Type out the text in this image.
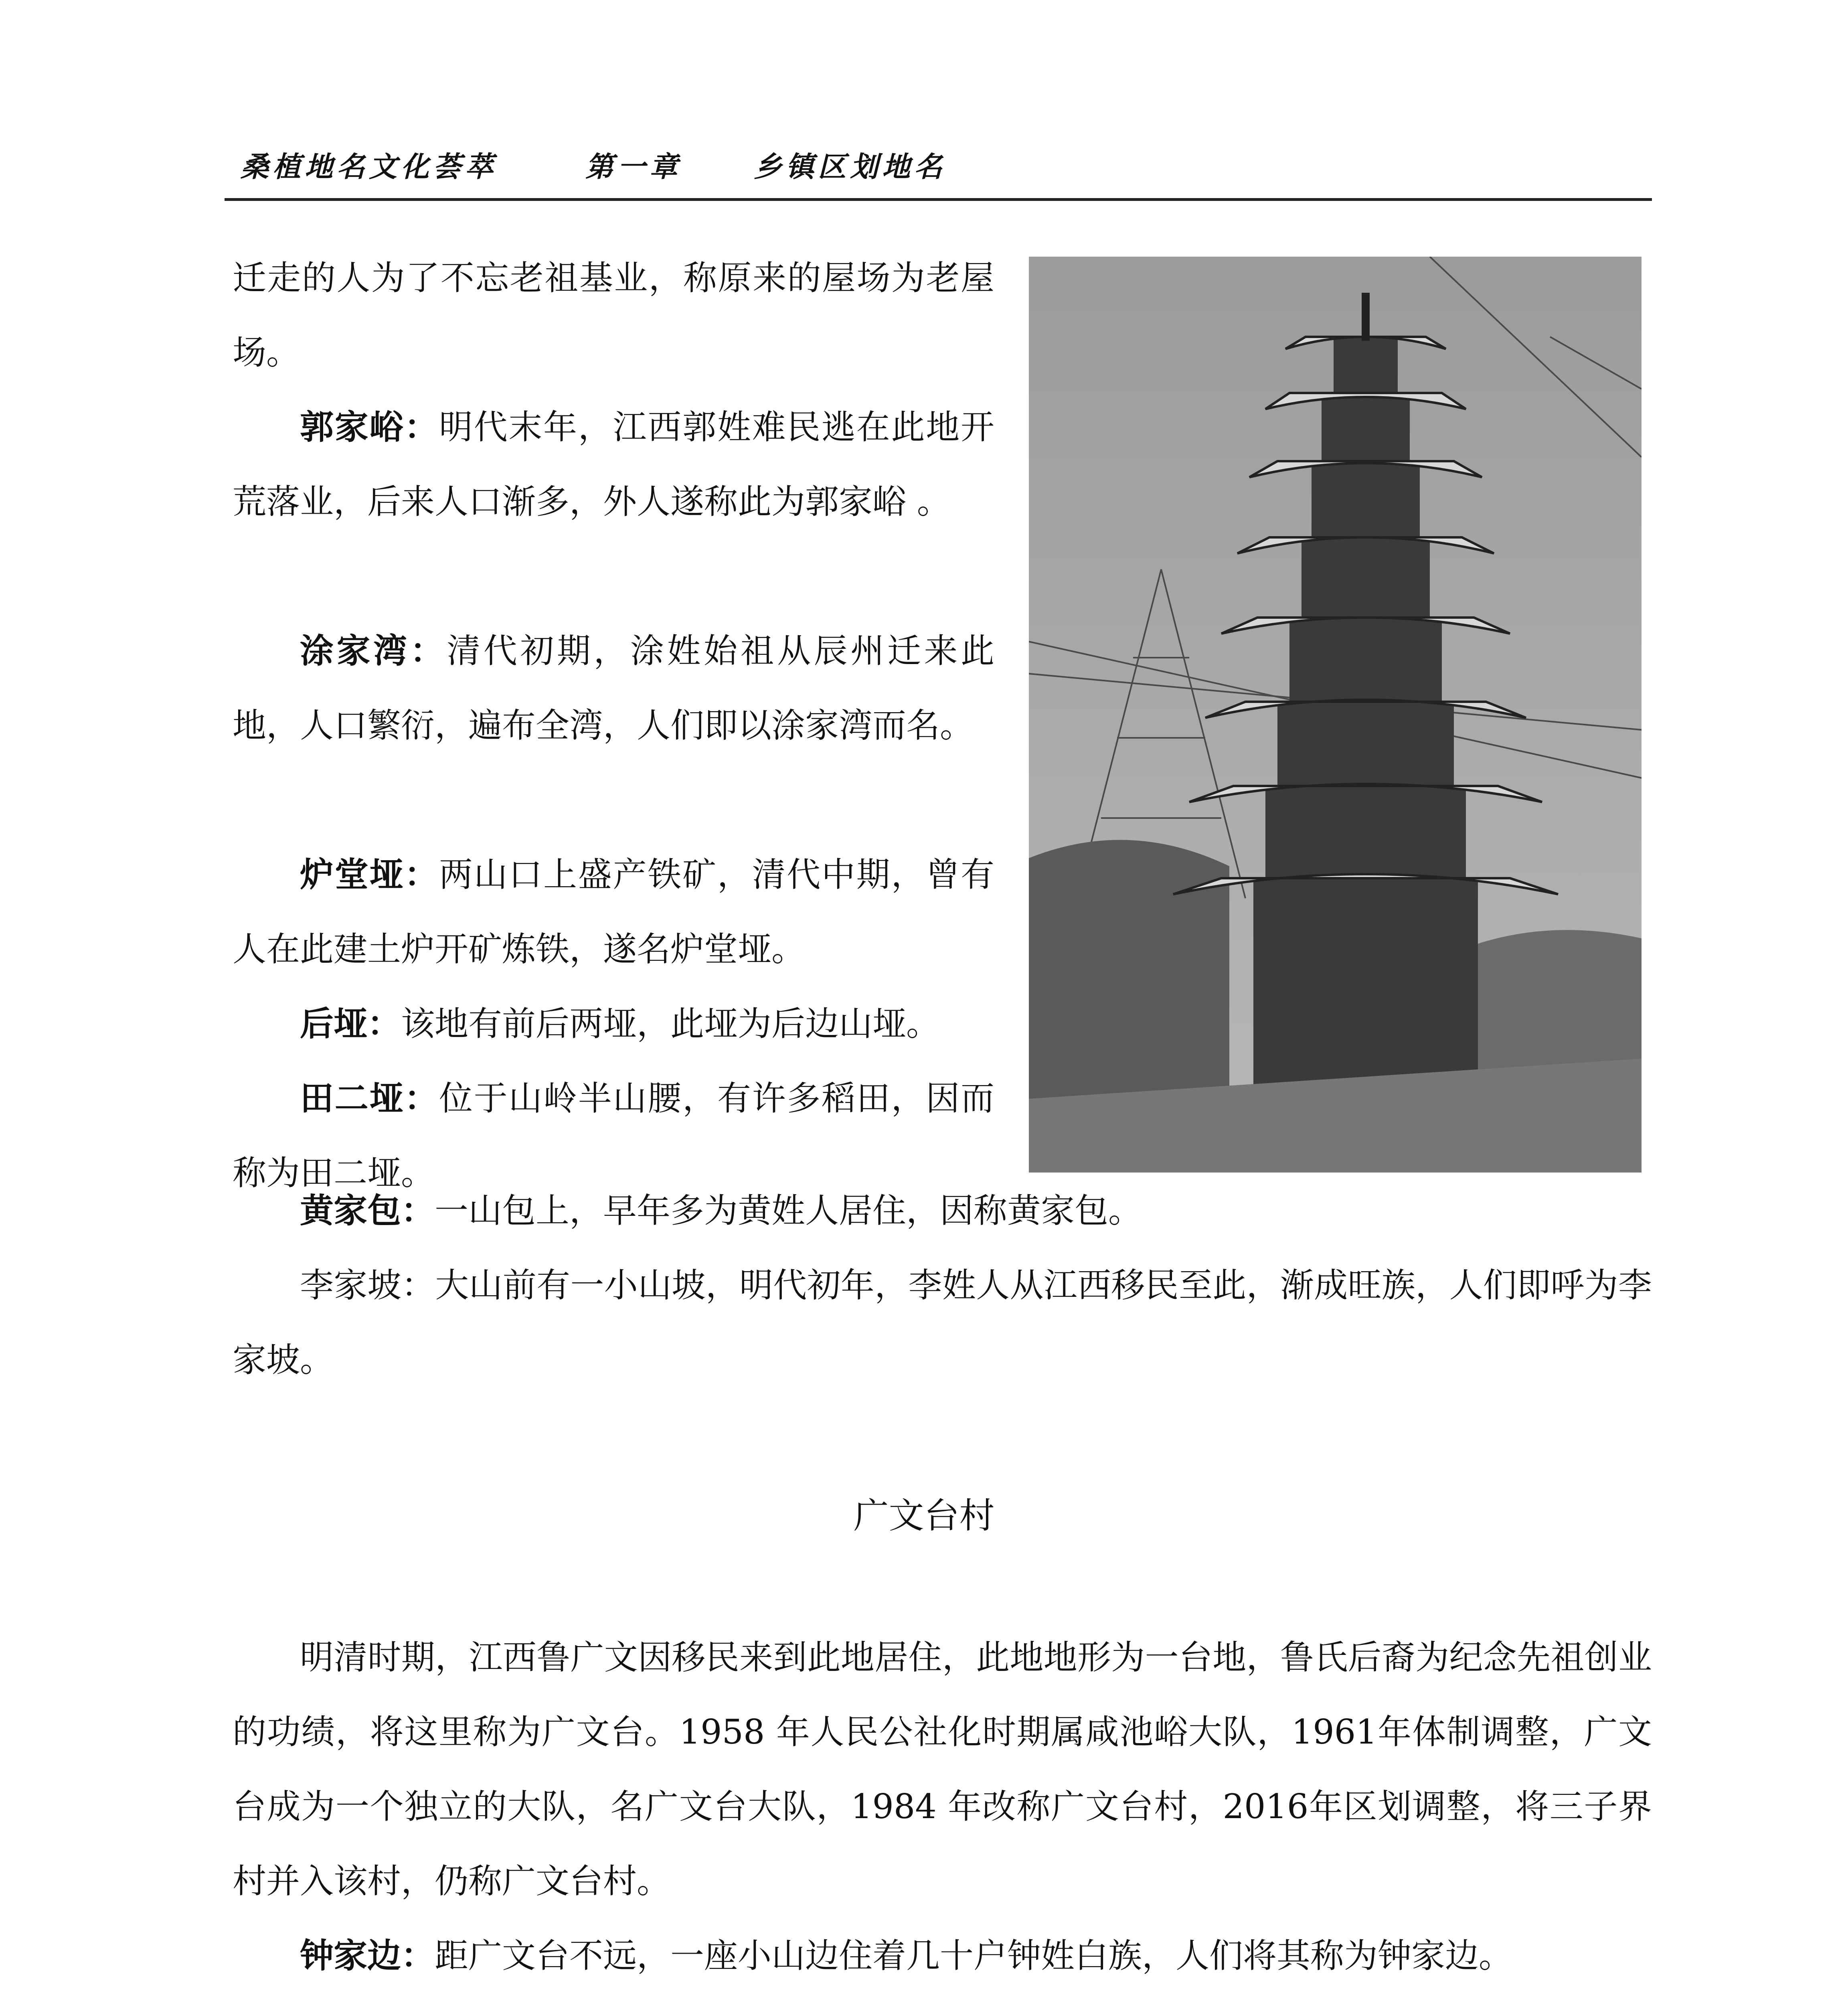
桑植地名文化荟萃	第一章	乡镇区划地名

迁走的人为了不忘老祖基业，称原来的屋场为老屋场。

郭家峪：明代末年，江西郭姓难民逃在此地开荒落业，后来人口渐多，外人遂称此为郭家峪 。

涂家湾：清代初期，涂姓始祖从辰州迁来此地，人口繁衍，遍布全湾，人们即以涂家湾而名。

炉堂垭：两山口上盛产铁矿，清代中期，曾有人在此建土炉开矿炼铁，遂名炉堂垭。

后垭：该地有前后两垭，此垭为后边山垭。

田二垭：位于山岭半山腰，有许多稻田，因而称为田二垭。

黄家包：一山包上，早年多为黄姓人居住，因称黄家包。

李家坡：大山前有一小山坡，明代初年，李姓人从江西移民至此，渐成旺族，人们即呼为李家坡。

广文台村

明清时期，江西鲁广文因移民来到此地居住，此地地形为一台地，鲁氏后裔为纪念先祖创业的功绩，将这里称为广文台。1958 年人民公社化时期属咸池峪大队，1961年体制调整，广文台成为一个独立的大队，名广文台大队，1984 年改称广文台村，2016年区划调整，将三子界村并入该村，仍称广文台村。

钟家边：距广文台不远，一座小山边住着几十户钟姓白族，人们将其称为钟家边。
